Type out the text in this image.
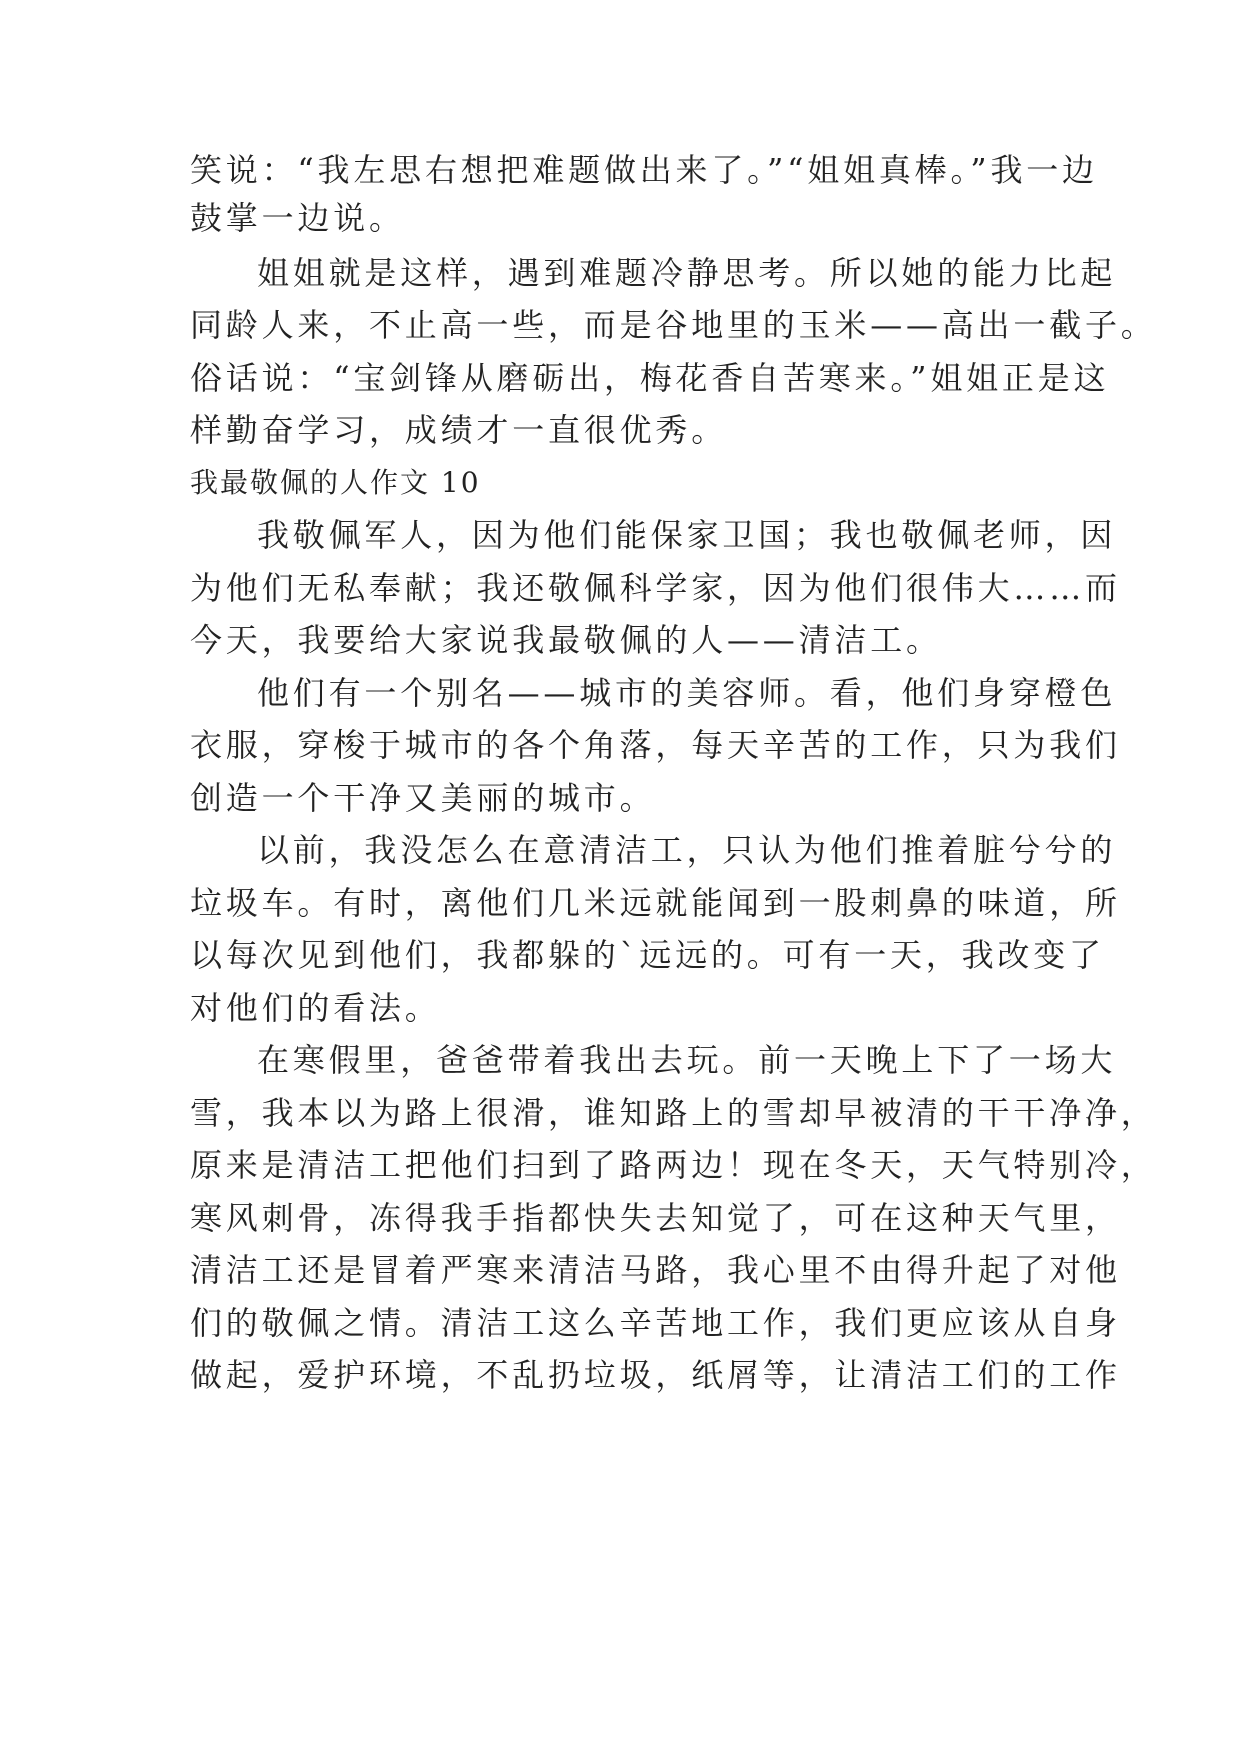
笑说：“我左思右想把难题做出来了。”“姐姐真棒。”我一边
鼓掌一边说。
姐姐就是这样，遇到难题冷静思考。所以她的能力比起
同龄人来，不止高一些，而是谷地里的玉米——高出一截子。
俗话说：“宝剑锋从磨砺出，梅花香自苦寒来。”姐姐正是这
样勤奋学习，成绩才一直很优秀。
我最敬佩的人作文 10
我敬佩军人，因为他们能保家卫国；我也敬佩老师，因
为他们无私奉献；我还敬佩科学家，因为他们很伟大……而
今天，我要给大家说我最敬佩的人——清洁工。
他们有一个别名——城市的美容师。看，他们身穿橙色
衣服，穿梭于城市的各个角落，每天辛苦的工作，只为我们
创造一个干净又美丽的城市。
以前，我没怎么在意清洁工，只认为他们推着脏兮兮的
垃圾车。有时，离他们几米远就能闻到一股刺鼻的味道，所
以每次见到他们，我都躲的`远远的。可有一天，我改变了
对他们的看法。
在寒假里，爸爸带着我出去玩。前一天晚上下了一场大
雪，我本以为路上很滑，谁知路上的雪却早被清的干干净净，
原来是清洁工把他们扫到了路两边！现在冬天，天气特别冷，
寒风刺骨，冻得我手指都快失去知觉了，可在这种天气里，
清洁工还是冒着严寒来清洁马路，我心里不由得升起了对他
们的敬佩之情。清洁工这么辛苦地工作，我们更应该从自身
做起，爱护环境，不乱扔垃圾，纸屑等，让清洁工们的工作
